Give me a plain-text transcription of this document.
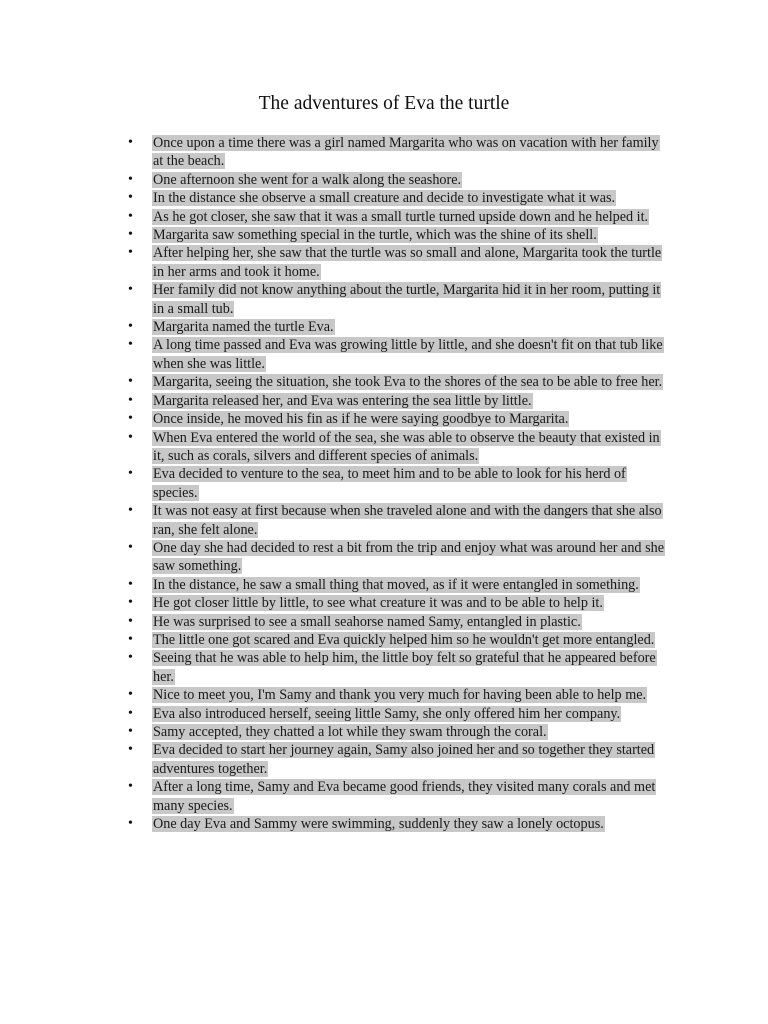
The adventures of Eva the turtle
• Once upon a time there was a girl named Margarita who was on vacation with her family at the beach.
• One afternoon she went for a walk along the seashore.
• In the distance she observe a small creature and decide to investigate what it was.
• As he got closer, she saw that it was a small turtle turned upside down and he helped it.
• Margarita saw something special in the turtle, which was the shine of its shell.
• After helping her, she saw that the turtle was so small and alone, Margarita took the turtle in her arms and took it home.
• Her family did not know anything about the turtle, Margarita hid it in her room, putting it in a small tub.
• Margarita named the turtle Eva.
• A long time passed and Eva was growing little by little, and she doesn't fit on that tub like when she was little.
• Margarita, seeing the situation, she took Eva to the shores of the sea to be able to free her.
• Margarita released her, and Eva was entering the sea little by little.
• Once inside, he moved his fin as if he were saying goodbye to Margarita.
• When Eva entered the world of the sea, she was able to observe the beauty that existed in it, such as corals, silvers and different species of animals.
• Eva decided to venture to the sea, to meet him and to be able to look for his herd of species.
• It was not easy at first because when she traveled alone and with the dangers that she also ran, she felt alone.
• One day she had decided to rest a bit from the trip and enjoy what was around her and she saw something.
• In the distance, he saw a small thing that moved, as if it were entangled in something.
• He got closer little by little, to see what creature it was and to be able to help it.
• He was surprised to see a small seahorse named Samy, entangled in plastic.
• The little one got scared and Eva quickly helped him so he wouldn't get more entangled.
• Seeing that he was able to help him, the little boy felt so grateful that he appeared before her.
• Nice to meet you, I'm Samy and thank you very much for having been able to help me.
• Eva also introduced herself, seeing little Samy, she only offered him her company.
• Samy accepted, they chatted a lot while they swam through the coral.
• Eva decided to start her journey again, Samy also joined her and so together they started adventures together.
• After a long time, Samy and Eva became good friends, they visited many corals and met many species.
• One day Eva and Sammy were swimming, suddenly they saw a lonely octopus.
